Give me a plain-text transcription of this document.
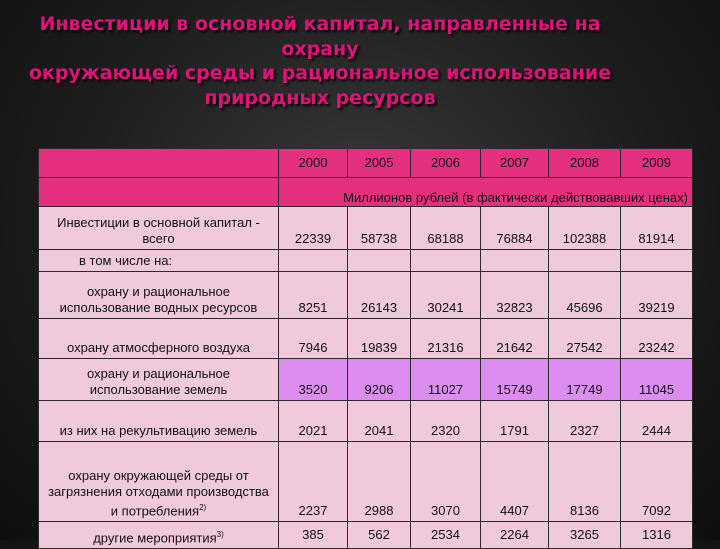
Инвестиции в основной капитал, направленные на
охрану
окружающей среды и рациональное использование
природных ресурсов
	2000	2005	2006	2007	2008	2009
	Миллионов рублей (в фактически действовавших ценах)					
Инвестиции в основной капитал - всего	22339	58738	68188	76884	102388	81914
в том числе на:						
охрану и рациональное использование водных ресурсов	8251	26143	30241	32823	45696	39219
охрану атмосферного воздуха	7946	19839	21316	21642	27542	23242
охрану и рациональное использование земель	3520	9206	11027	15749	17749	11045
из них на рекультивацию земель	2021	2041	2320	1791	2327	2444
охрану окружающей среды от загрязнения отходами производства и потребления$^{2)}$	2237	2988	3070	4407	8136	7092
другие мероприятия$^{3)}$	385	562	2534	2264	3265	1316
